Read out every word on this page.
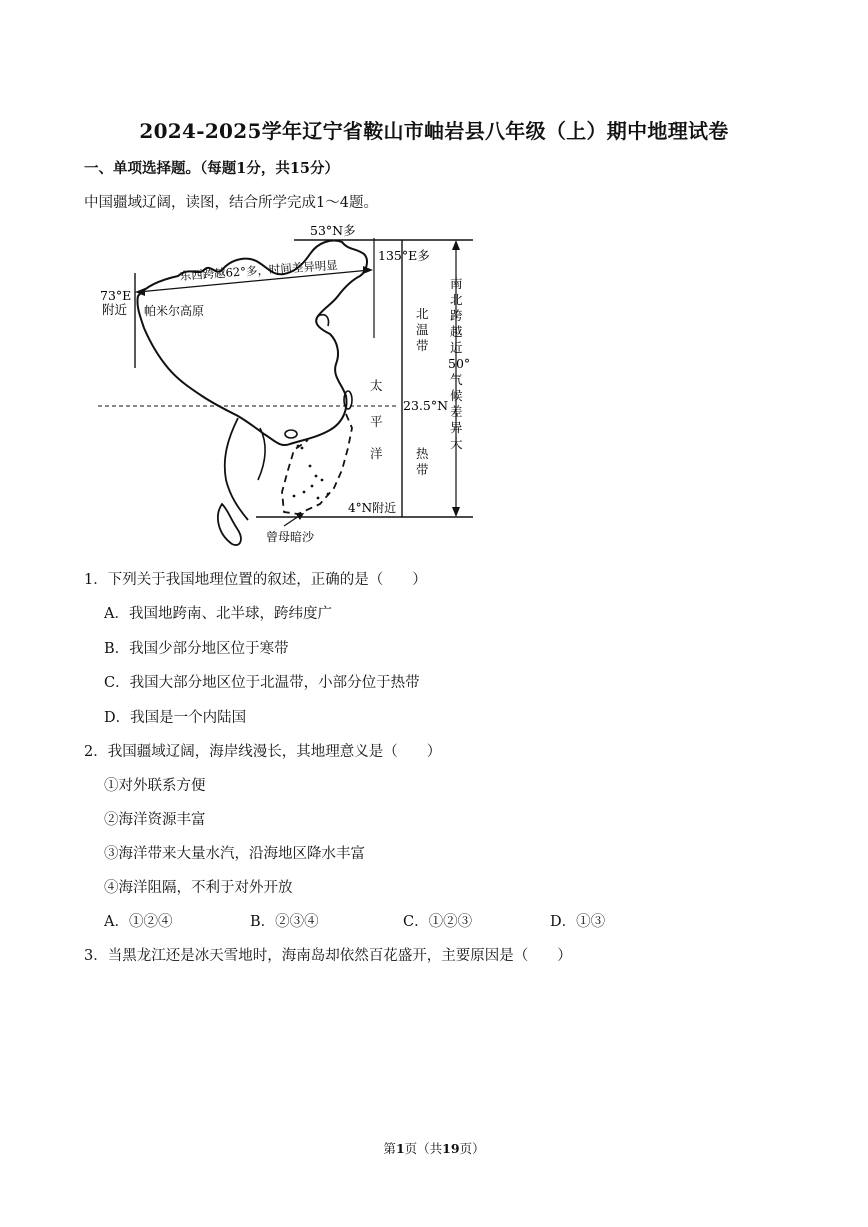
2024-2025学年辽宁省鞍山市岫岩县八年级（上）期中地理试卷
一、单项选择题。（每题1分，共15分）
中国疆域辽阔，读图，结合所学完成1～4题。
53°N多
135°E多
73°E
附近
东西跨越62°多，时间差异明显
帕米尔高原
23.5°N
4°N附近
曾母暗沙
北
温
带
太
平
洋	热
带
南
北
跨
越
近
50°
气
候
差
异
大
1．下列关于我国地理位置的叙述，正确的是（　　）
A．我国地跨南、北半球，跨纬度广
B．我国少部分地区位于寒带
C．我国大部分地区位于北温带，小部分位于热带
D．我国是一个内陆国
2．我国疆域辽阔，海岸线漫长，其地理意义是（　　）
①对外联系方便
②海洋资源丰富
③海洋带来大量水汽，沿海地区降水丰富
④海洋阻隔，不利于对外开放
A．①②④	B．②③④	C．①②③	D．①③
3．当黑龙江还是冰天雪地时，海南岛却依然百花盛开，主要原因是（　　）
第1页（共19页）
